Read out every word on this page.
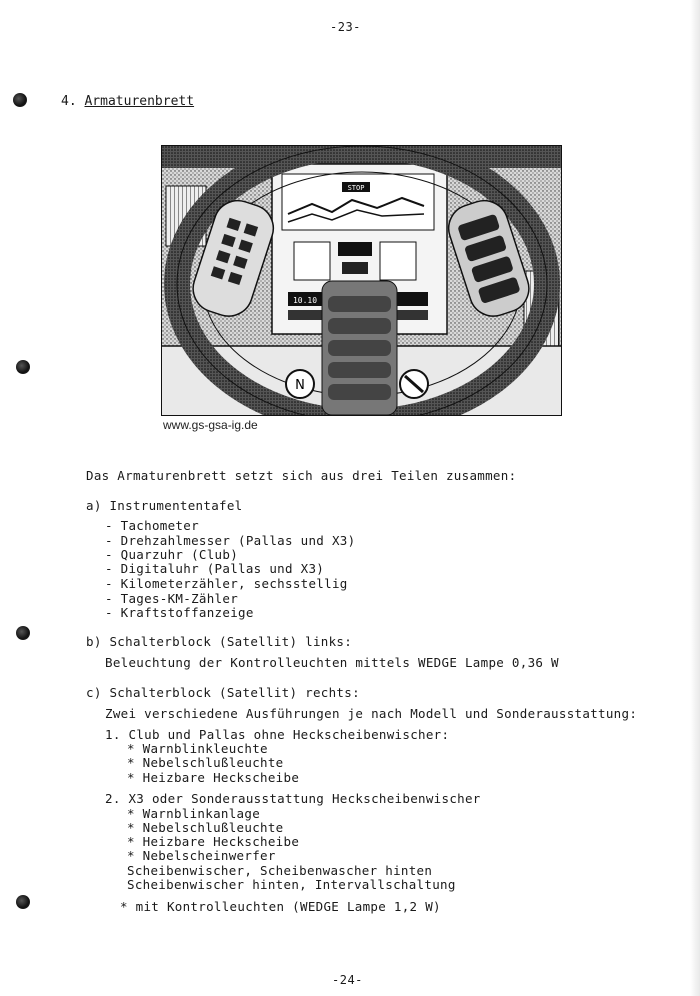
-23-
4. Armaturenbrett
STOP
10.10
N
www.gs-gsa-ig.de
Das Armaturenbrett setzt sich aus drei Teilen zusammen:
a) Instrumententafel
- Tachometer
- Drehzahlmesser (Pallas und X3)
- Quarzuhr (Club)
- Digitaluhr (Pallas und X3)
- Kilometerzähler, sechsstellig
- Tages-KM-Zähler
- Kraftstoffanzeige
b) Schalterblock (Satellit) links:
Beleuchtung der Kontrolleuchten mittels WEDGE Lampe 0,36 W
c) Schalterblock (Satellit) rechts:
Zwei verschiedene Ausführungen je nach Modell und Sonderausstattung:
1. Club und Pallas ohne Heckscheibenwischer:
* Warnblinkleuchte
* Nebelschlußleuchte
* Heizbare Heckscheibe
2. X3 oder Sonderausstattung Heckscheibenwischer
* Warnblinkanlage
* Nebelschlußleuchte
* Heizbare Heckscheibe
* Nebelscheinwerfer
Scheibenwischer, Scheibenwascher hinten
Scheibenwischer hinten, Intervallschaltung
* mit Kontrolleuchten (WEDGE Lampe 1,2 W)
-24-
